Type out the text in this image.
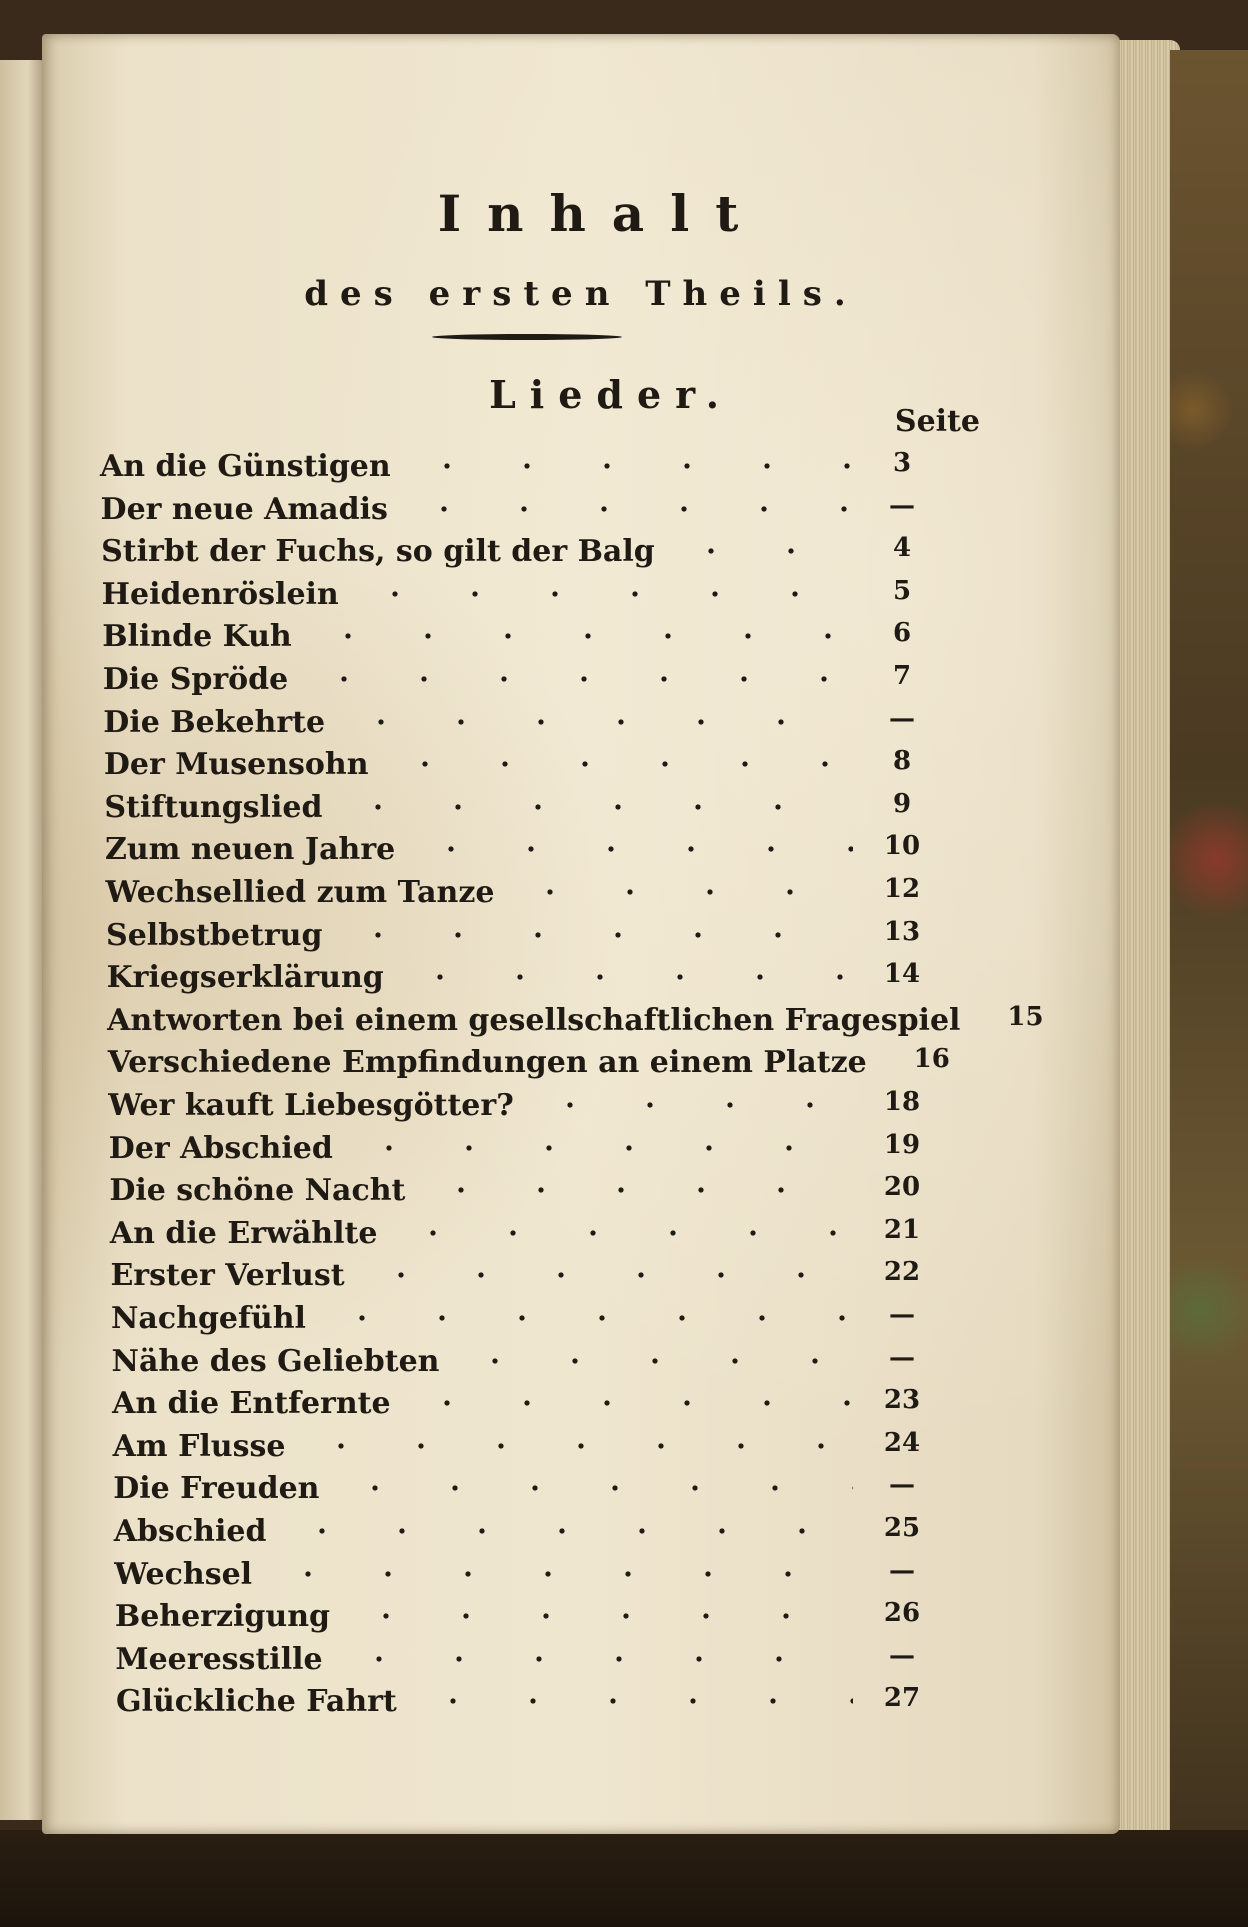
Inhalt
des ersten Theils.
Lieder.
Seite
An die Günstigen	3
Der neue Amadis	—
Stirbt der Fuchs, so gilt der Balg	4
Heidenröslein	5
Blinde Kuh	6
Die Spröde	7
Die Bekehrte	—
Der Musensohn	8
Stiftungslied	9
Zum neuen Jahre	10
Wechsellied zum Tanze	12
Selbstbetrug	13
Kriegserklärung	14
Antworten bei einem gesellschaftlichen Fragespiel	15
Verschiedene Empfindungen an einem Platze	16
Wer kauft Liebesgötter?	18
Der Abschied	19
Die schöne Nacht	20
An die Erwählte	21
Erster Verlust	22
Nachgefühl	—
Nähe des Geliebten	—
An die Entfernte	23
Am Flusse	24
Die Freuden	—
Abschied	25
Wechsel	—
Beherzigung	26
Meeresstille	—
Glückliche Fahrt	27
